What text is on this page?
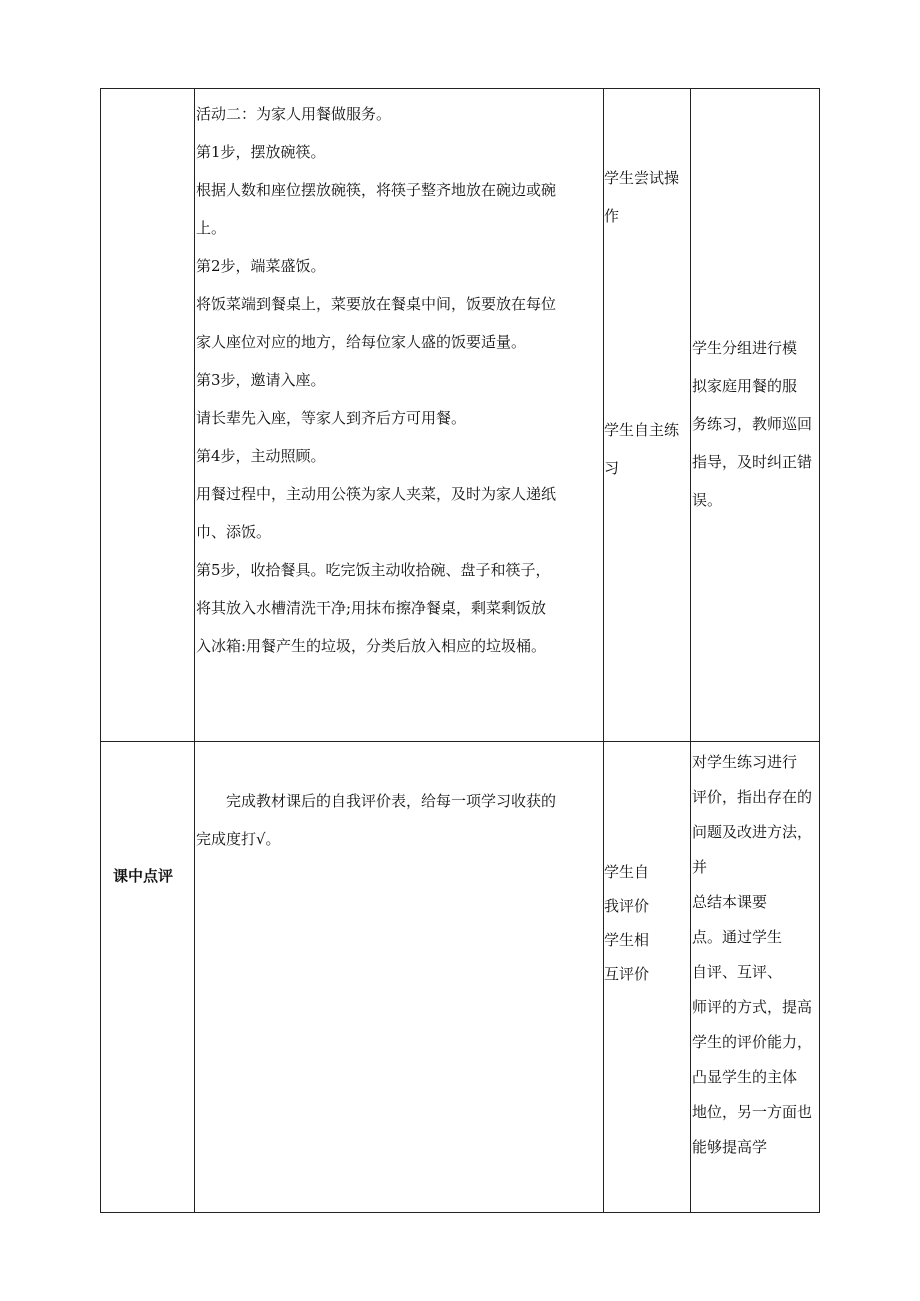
活动二：为家人用餐做服务。

第1步，摆放碗筷。

根据人数和座位摆放碗筷，将筷子整齐地放在碗边或碗

上。

第2步，端菜盛饭。

将饭菜端到餐桌上，菜要放在餐桌中间，饭要放在每位

家人座位对应的地方，给每位家人盛的饭要适量。

第3步，邀请入座。

请长辈先入座，等家人到齐后方可用餐。

第4步，主动照顾。

用餐过程中，主动用公筷为家人夹菜，及时为家人递纸

巾、添饭。

第5步，收拾餐具。吃完饭主动收拾碗、盘子和筷子，

将其放入水槽清洗干净;用抹布擦净餐桌，剩菜剩饭放

入冰箱:用餐产生的垃圾，分类后放入相应的垃圾桶。

学生尝试操

作

学生自主练

习

学生分组进行模

拟家庭用餐的服

务练习，教师巡回

指导，及时纠正错

误。

课中点评

完成教材课后的自我评价表，给每一项学习收获的

完成度打√。

学生自

我评价

学生相

互评价

对学生练习进行

评价，指出存在的

问题及改进方法，

并

总结本课要

点。通过学生

自评、互评、

师评的方式，提高

学生的评价能力，

凸显学生的主体

地位，另一方面也

能够提高学
